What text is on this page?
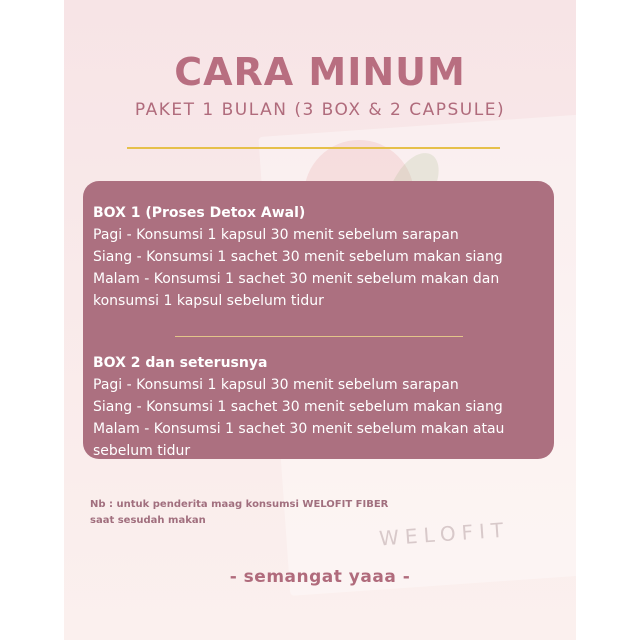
WELOFIT
CARA MINUM
PAKET 1 BULAN (3 BOX & 2 CAPSULE)
BOX 1 (Proses Detox Awal)
Pagi - Konsumsi 1 kapsul 30 menit sebelum sarapan
Siang - Konsumsi 1 sachet 30 menit sebelum makan siang
Malam - Konsumsi 1 sachet 30 menit sebelum makan dan
konsumsi 1 kapsul sebelum tidur
BOX 2 dan seterusnya
Pagi - Konsumsi 1 kapsul 30 menit sebelum sarapan
Siang - Konsumsi 1 sachet 30 menit sebelum makan siang
Malam - Konsumsi 1 sachet 30 menit sebelum makan atau
sebelum tidur
Nb : untuk penderita maag konsumsi WELOFIT FIBER
saat sesudah makan
- semangat yaaa -
